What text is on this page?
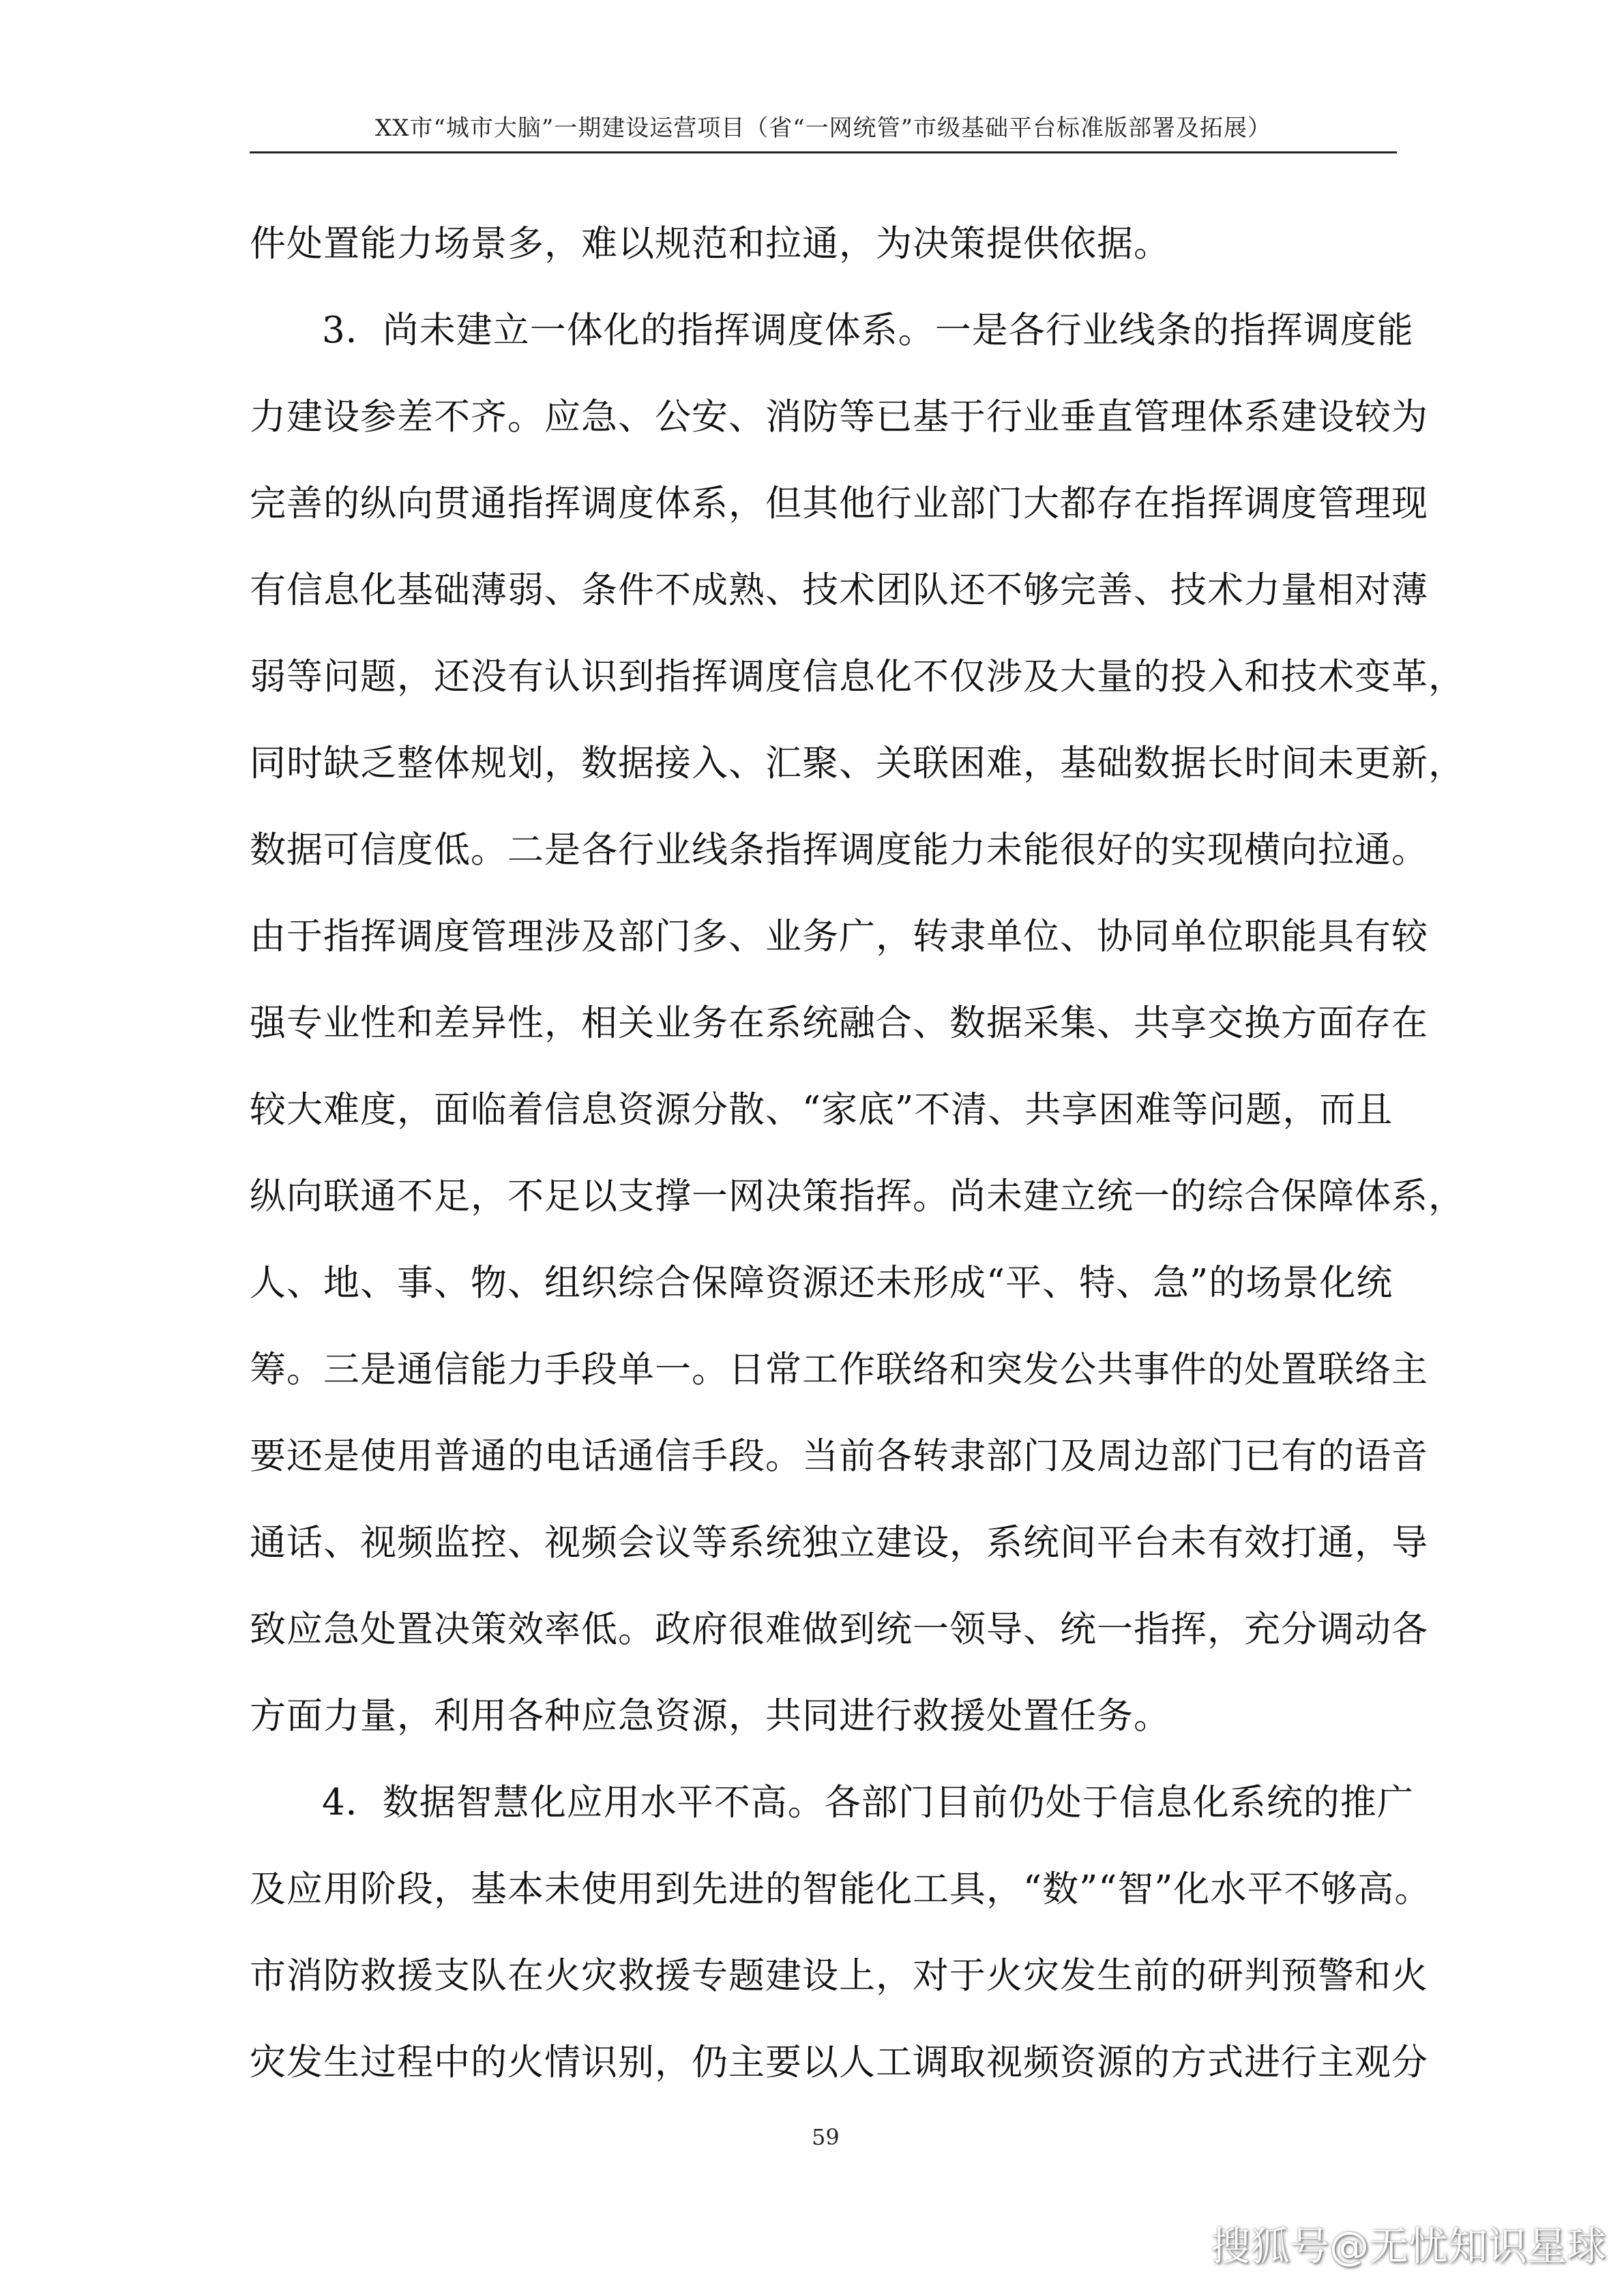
XX市“城市大脑”一期建设运营项目（省“一网统管”市级基础平台标准版部署及拓展）
件处置能力场景多，难以规范和拉通，为决策提供依据。
3．尚未建立一体化的指挥调度体系。一是各行业线条的指挥调度能
力建设参差不齐。应急、公安、消防等已基于行业垂直管理体系建设较为
完善的纵向贯通指挥调度体系，但其他行业部门大都存在指挥调度管理现
有信息化基础薄弱、条件不成熟、技术团队还不够完善、技术力量相对薄
弱等问题，还没有认识到指挥调度信息化不仅涉及大量的投入和技术变革，
同时缺乏整体规划，数据接入、汇聚、关联困难，基础数据长时间未更新，
数据可信度低。二是各行业线条指挥调度能力未能很好的实现横向拉通。
由于指挥调度管理涉及部门多、业务广，转隶单位、协同单位职能具有较
强专业性和差异性，相关业务在系统融合、数据采集、共享交换方面存在
较大难度，面临着信息资源分散、“家底”不清、共享困难等问题，而且
纵向联通不足，不足以支撑一网决策指挥。尚未建立统一的综合保障体系，
人、地、事、物、组织综合保障资源还未形成“平、特、急”的场景化统
筹。三是通信能力手段单一。日常工作联络和突发公共事件的处置联络主
要还是使用普通的电话通信手段。当前各转隶部门及周边部门已有的语音
通话、视频监控、视频会议等系统独立建设，系统间平台未有效打通，导
致应急处置决策效率低。政府很难做到统一领导、统一指挥，充分调动各
方面力量，利用各种应急资源，共同进行救援处置任务。
4．数据智慧化应用水平不高。各部门目前仍处于信息化系统的推广
及应用阶段，基本未使用到先进的智能化工具，“数”“智”化水平不够高。
市消防救援支队在火灾救援专题建设上，对于火灾发生前的研判预警和火
灾发生过程中的火情识别，仍主要以人工调取视频资源的方式进行主观分
59
搜狐号@无忧知识星球
